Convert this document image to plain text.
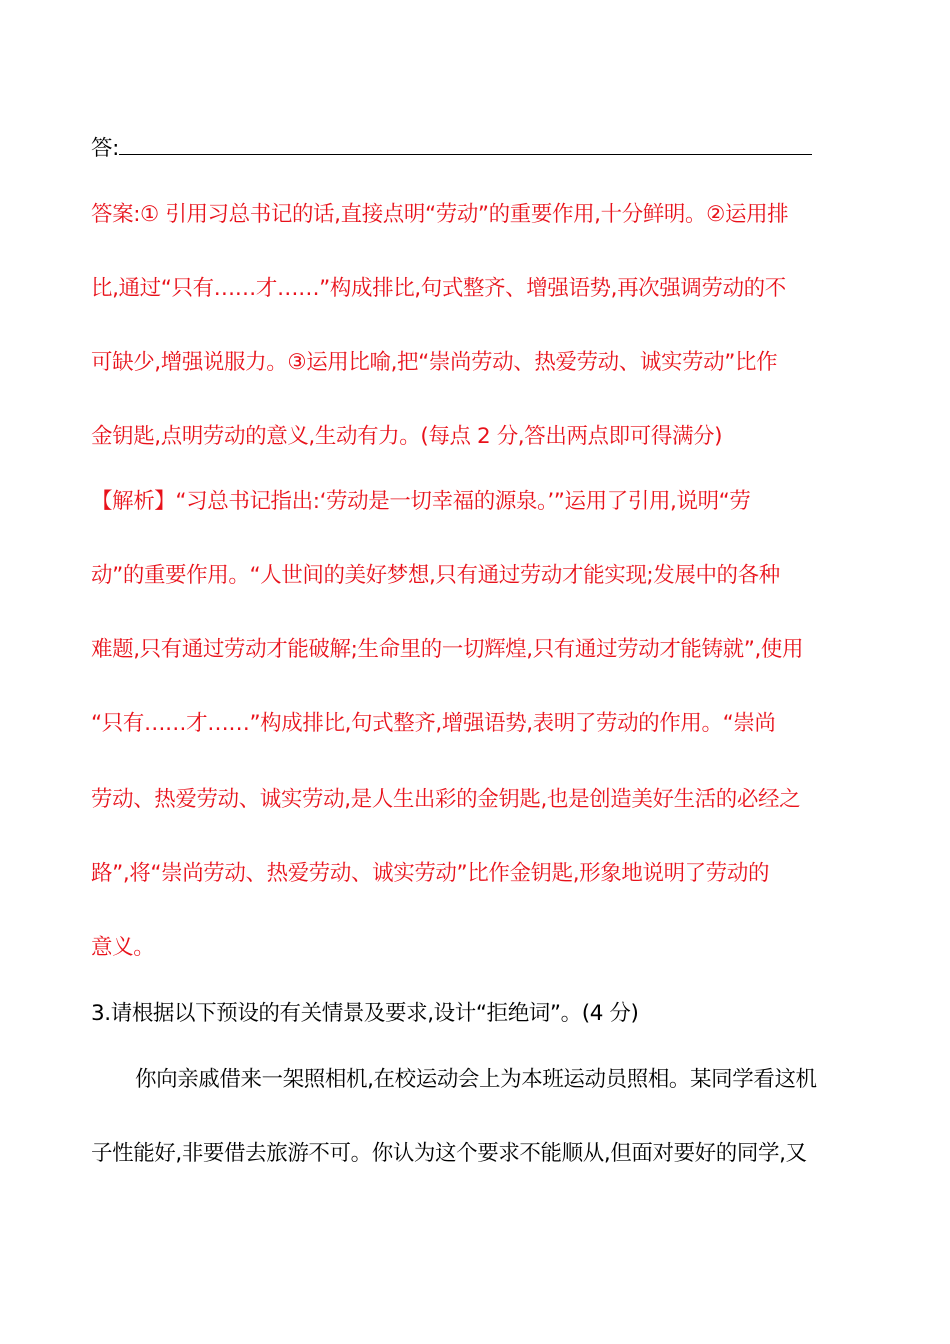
答:
答案:① 引用习总书记的话,直接点明“劳动”的重要作用,十分鲜明。②运用排
比,通过“只有……才……”构成排比,句式整齐、增强语势,再次强调劳动的不
可缺少,增强说服力。③运用比喻,把“崇尚劳动、热爱劳动、诚实劳动”比作
金钥匙,点明劳动的意义,生动有力。(每点 2 分,答出两点即可得满分)
【解析】“习总书记指出:‘劳动是一切幸福的源泉。’”运用了引用,说明“劳
动”的重要作用。“人世间的美好梦想,只有通过劳动才能实现;发展中的各种
难题,只有通过劳动才能破解;生命里的一切辉煌,只有通过劳动才能铸就”,使用
“只有……才……”构成排比,句式整齐,增强语势,表明了劳动的作用。“崇尚
劳动、热爱劳动、诚实劳动,是人生出彩的金钥匙,也是创造美好生活的必经之
路”,将“崇尚劳动、热爱劳动、诚实劳动”比作金钥匙,形象地说明了劳动的
意义。
3.请根据以下预设的有关情景及要求,设计“拒绝词”。(4 分)
你向亲戚借来一架照相机,在校运动会上为本班运动员照相。某同学看这机
子性能好,非要借去旅游不可。你认为这个要求不能顺从,但面对要好的同学,又
